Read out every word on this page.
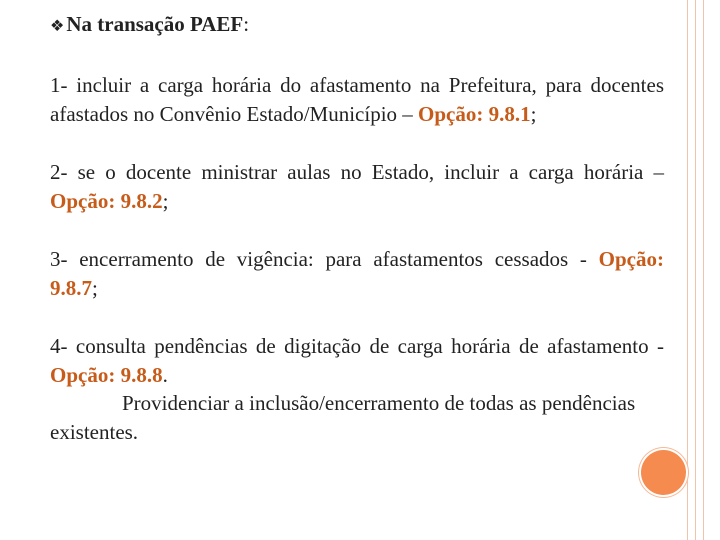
❖Na transação PAEF:

1- incluir a carga horária do afastamento na Prefeitura, para docentes afastados no Convênio Estado/Município – Opção: 9.8.1;

2- se o docente ministrar aulas no Estado, incluir a carga horária – Opção: 9.8.2;

3- encerramento de vigência: para afastamentos cessados - Opção: 9.8.7;

4- consulta pendências de digitação de carga horária de afastamento - Opção: 9.8.8.
Providenciar a inclusão/encerramento de todas as pendências existentes.
